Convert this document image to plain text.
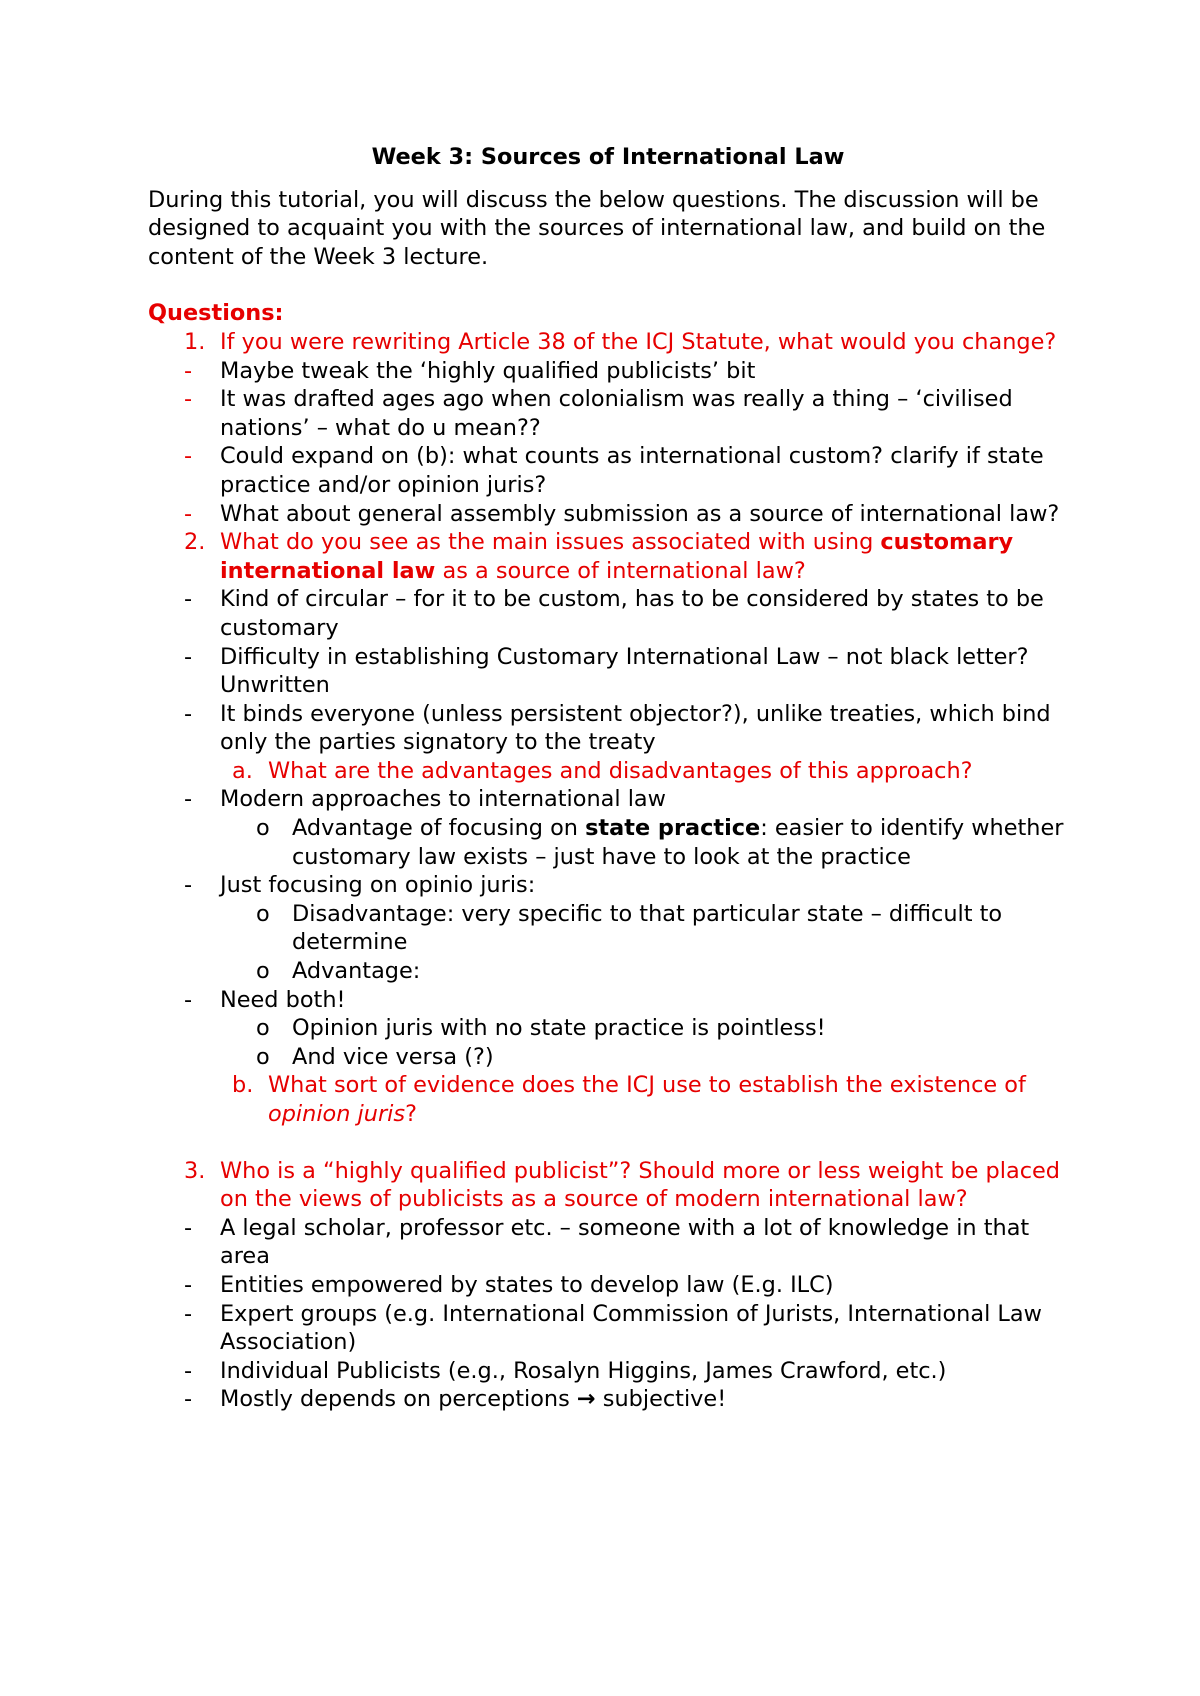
Week 3: Sources of International Law

During this tutorial, you will discuss the below questions. The discussion will be designed to acquaint you with the sources of international law, and build on the content of the Week 3 lecture.

Questions:

1. If you were rewriting Article 38 of the ICJ Statute, what would you change?

- Maybe tweak the ‘highly qualified publicists’ bit

- It was drafted ages ago when colonialism was really a thing – ‘civilised nations’ – what do u mean??

- Could expand on (b): what counts as international custom? clarify if state practice and/or opinion juris?

- What about general assembly submission as a source of international law?

2. What do you see as the main issues associated with using customary international law as a source of international law?

- Kind of circular – for it to be custom, has to be considered by states to be customary

- Difficulty in establishing Customary International Law – not black letter? Unwritten

- It binds everyone (unless persistent objector?), unlike treaties, which bind only the parties signatory to the treaty

a. What are the advantages and disadvantages of this approach?

- Modern approaches to international law

o Advantage of focusing on state practice: easier to identify whether customary law exists – just have to look at the practice

- Just focusing on opinio juris:

o Disadvantage: very specific to that particular state – difficult to determine

o Advantage:

- Need both!

o Opinion juris with no state practice is pointless!

o And vice versa (?)

b. What sort of evidence does the ICJ use to establish the existence of opinion juris?

3. Who is a “highly qualified publicist”? Should more or less weight be placed on the views of publicists as a source of modern international law?

- A legal scholar, professor etc. – someone with a lot of knowledge in that area

- Entities empowered by states to develop law (E.g. ILC)

- Expert groups (e.g. International Commission of Jurists, International Law Association)

- Individual Publicists (e.g., Rosalyn Higgins, James Crawford, etc.)

- Mostly depends on perceptions → subjective!
